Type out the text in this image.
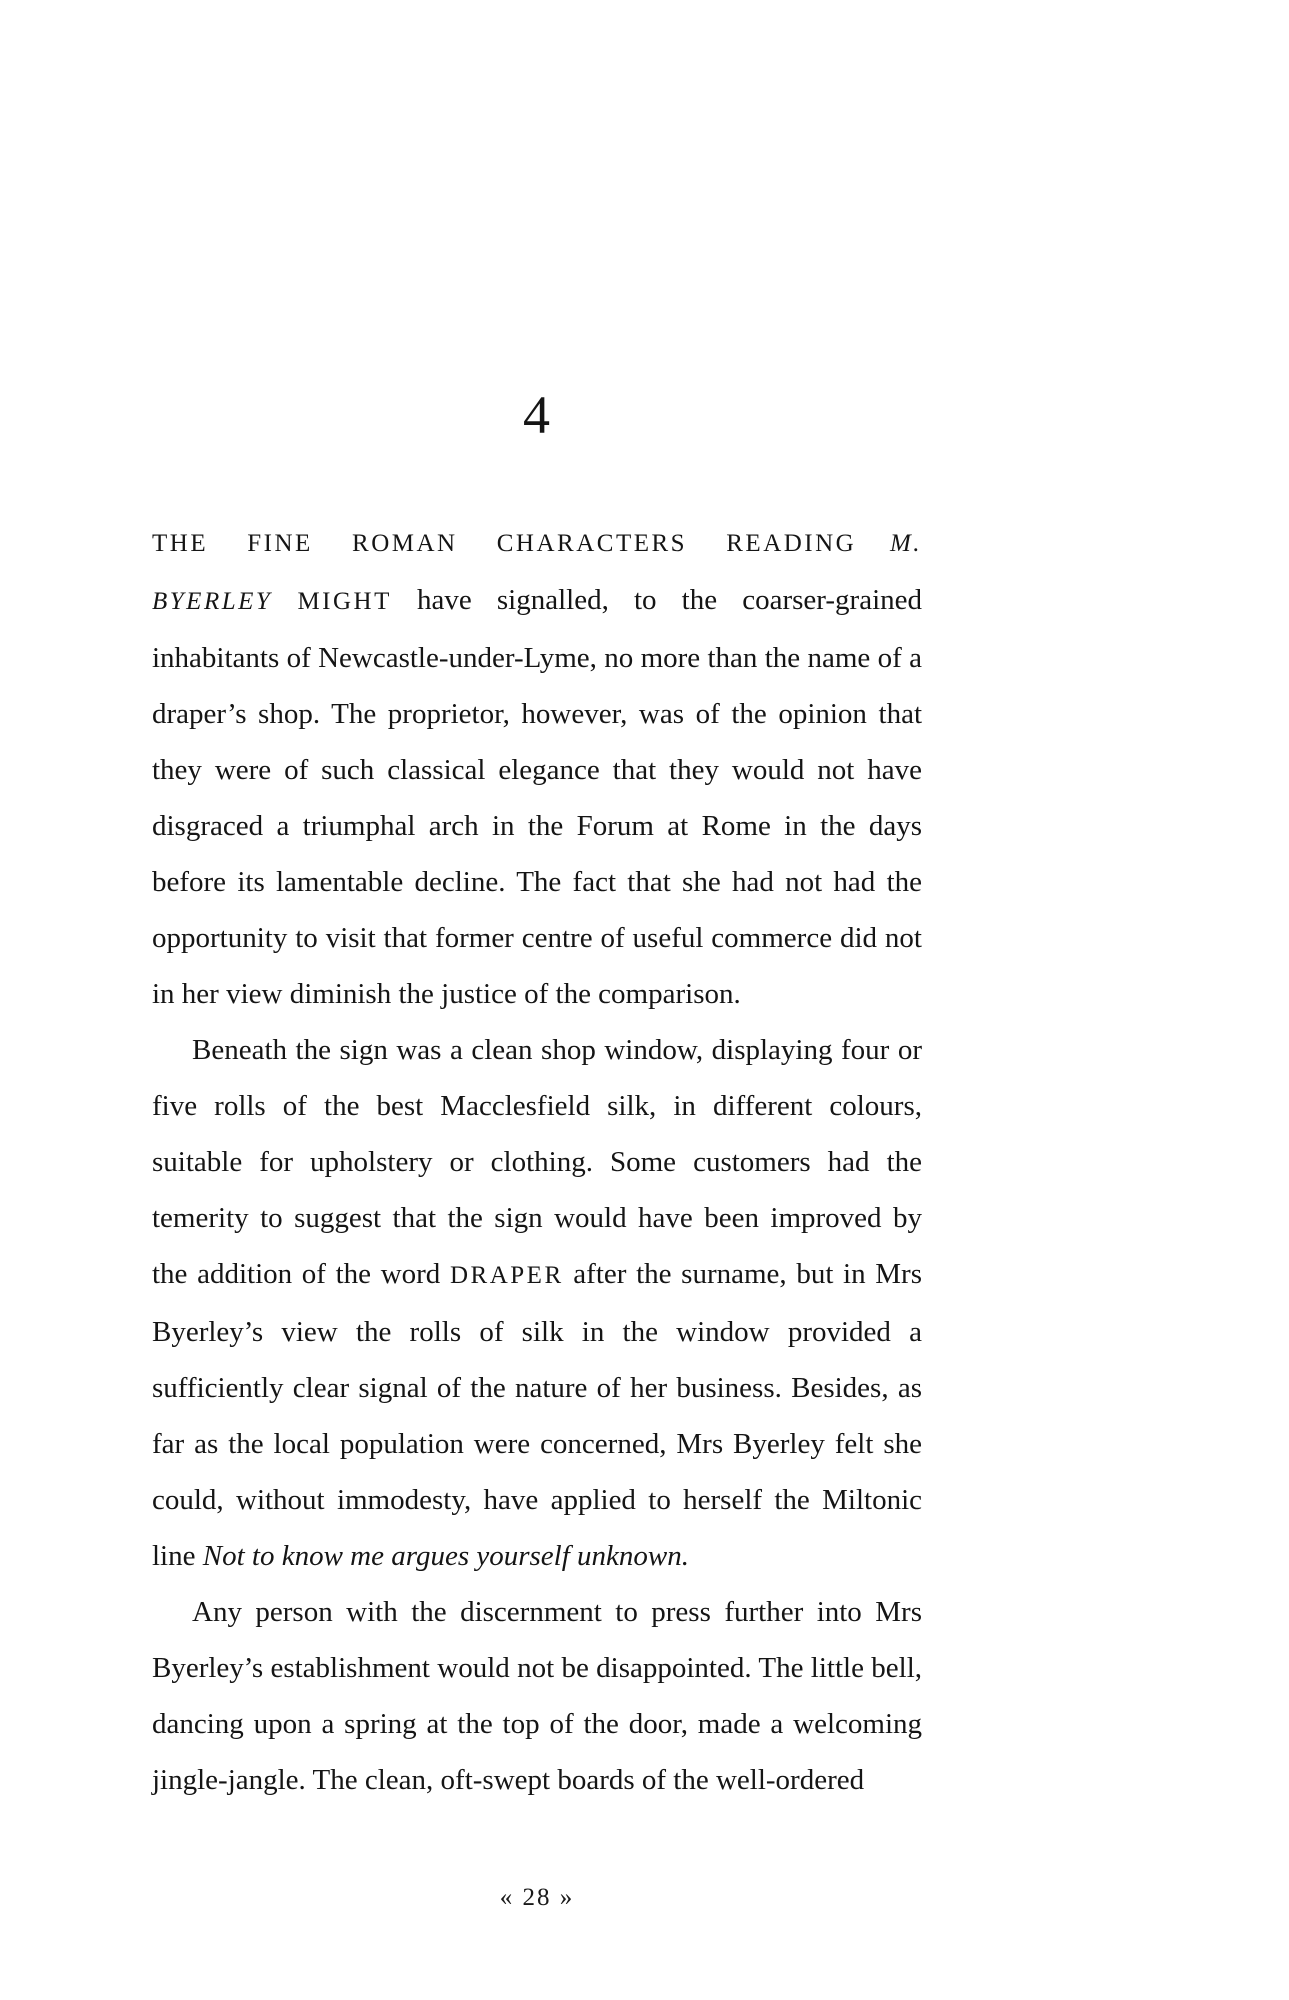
4

THE FINE ROMAN CHARACTERS READING M. BYERLEY MIGHT have signalled, to the coarser-grained inhabitants of Newcastle-under-Lyme, no more than the name of a draper’s shop. The proprietor, however, was of the opinion that they were of such classical elegance that they would not have disgraced a triumphal arch in the Forum at Rome in the days before its lamentable decline. The fact that she had not had the opportunity to visit that former centre of useful commerce did not in her view diminish the justice of the comparison.

Beneath the sign was a clean shop window, displaying four or five rolls of the best Macclesfield silk, in different colours, suitable for upholstery or clothing. Some customers had the temerity to suggest that the sign would have been improved by the addition of the word DRAPER after the surname, but in Mrs Byerley’s view the rolls of silk in the window provided a sufficiently clear signal of the nature of her business. Besides, as far as the local population were concerned, Mrs Byerley felt she could, without immodesty, have applied to herself the Miltonic line Not to know me argues yourself unknown.

Any person with the discernment to press further into Mrs Byerley’s establishment would not be disappointed. The little bell, dancing upon a spring at the top of the door, made a welcoming jingle-jangle. The clean, oft-swept boards of the well-ordered

« 28 »
